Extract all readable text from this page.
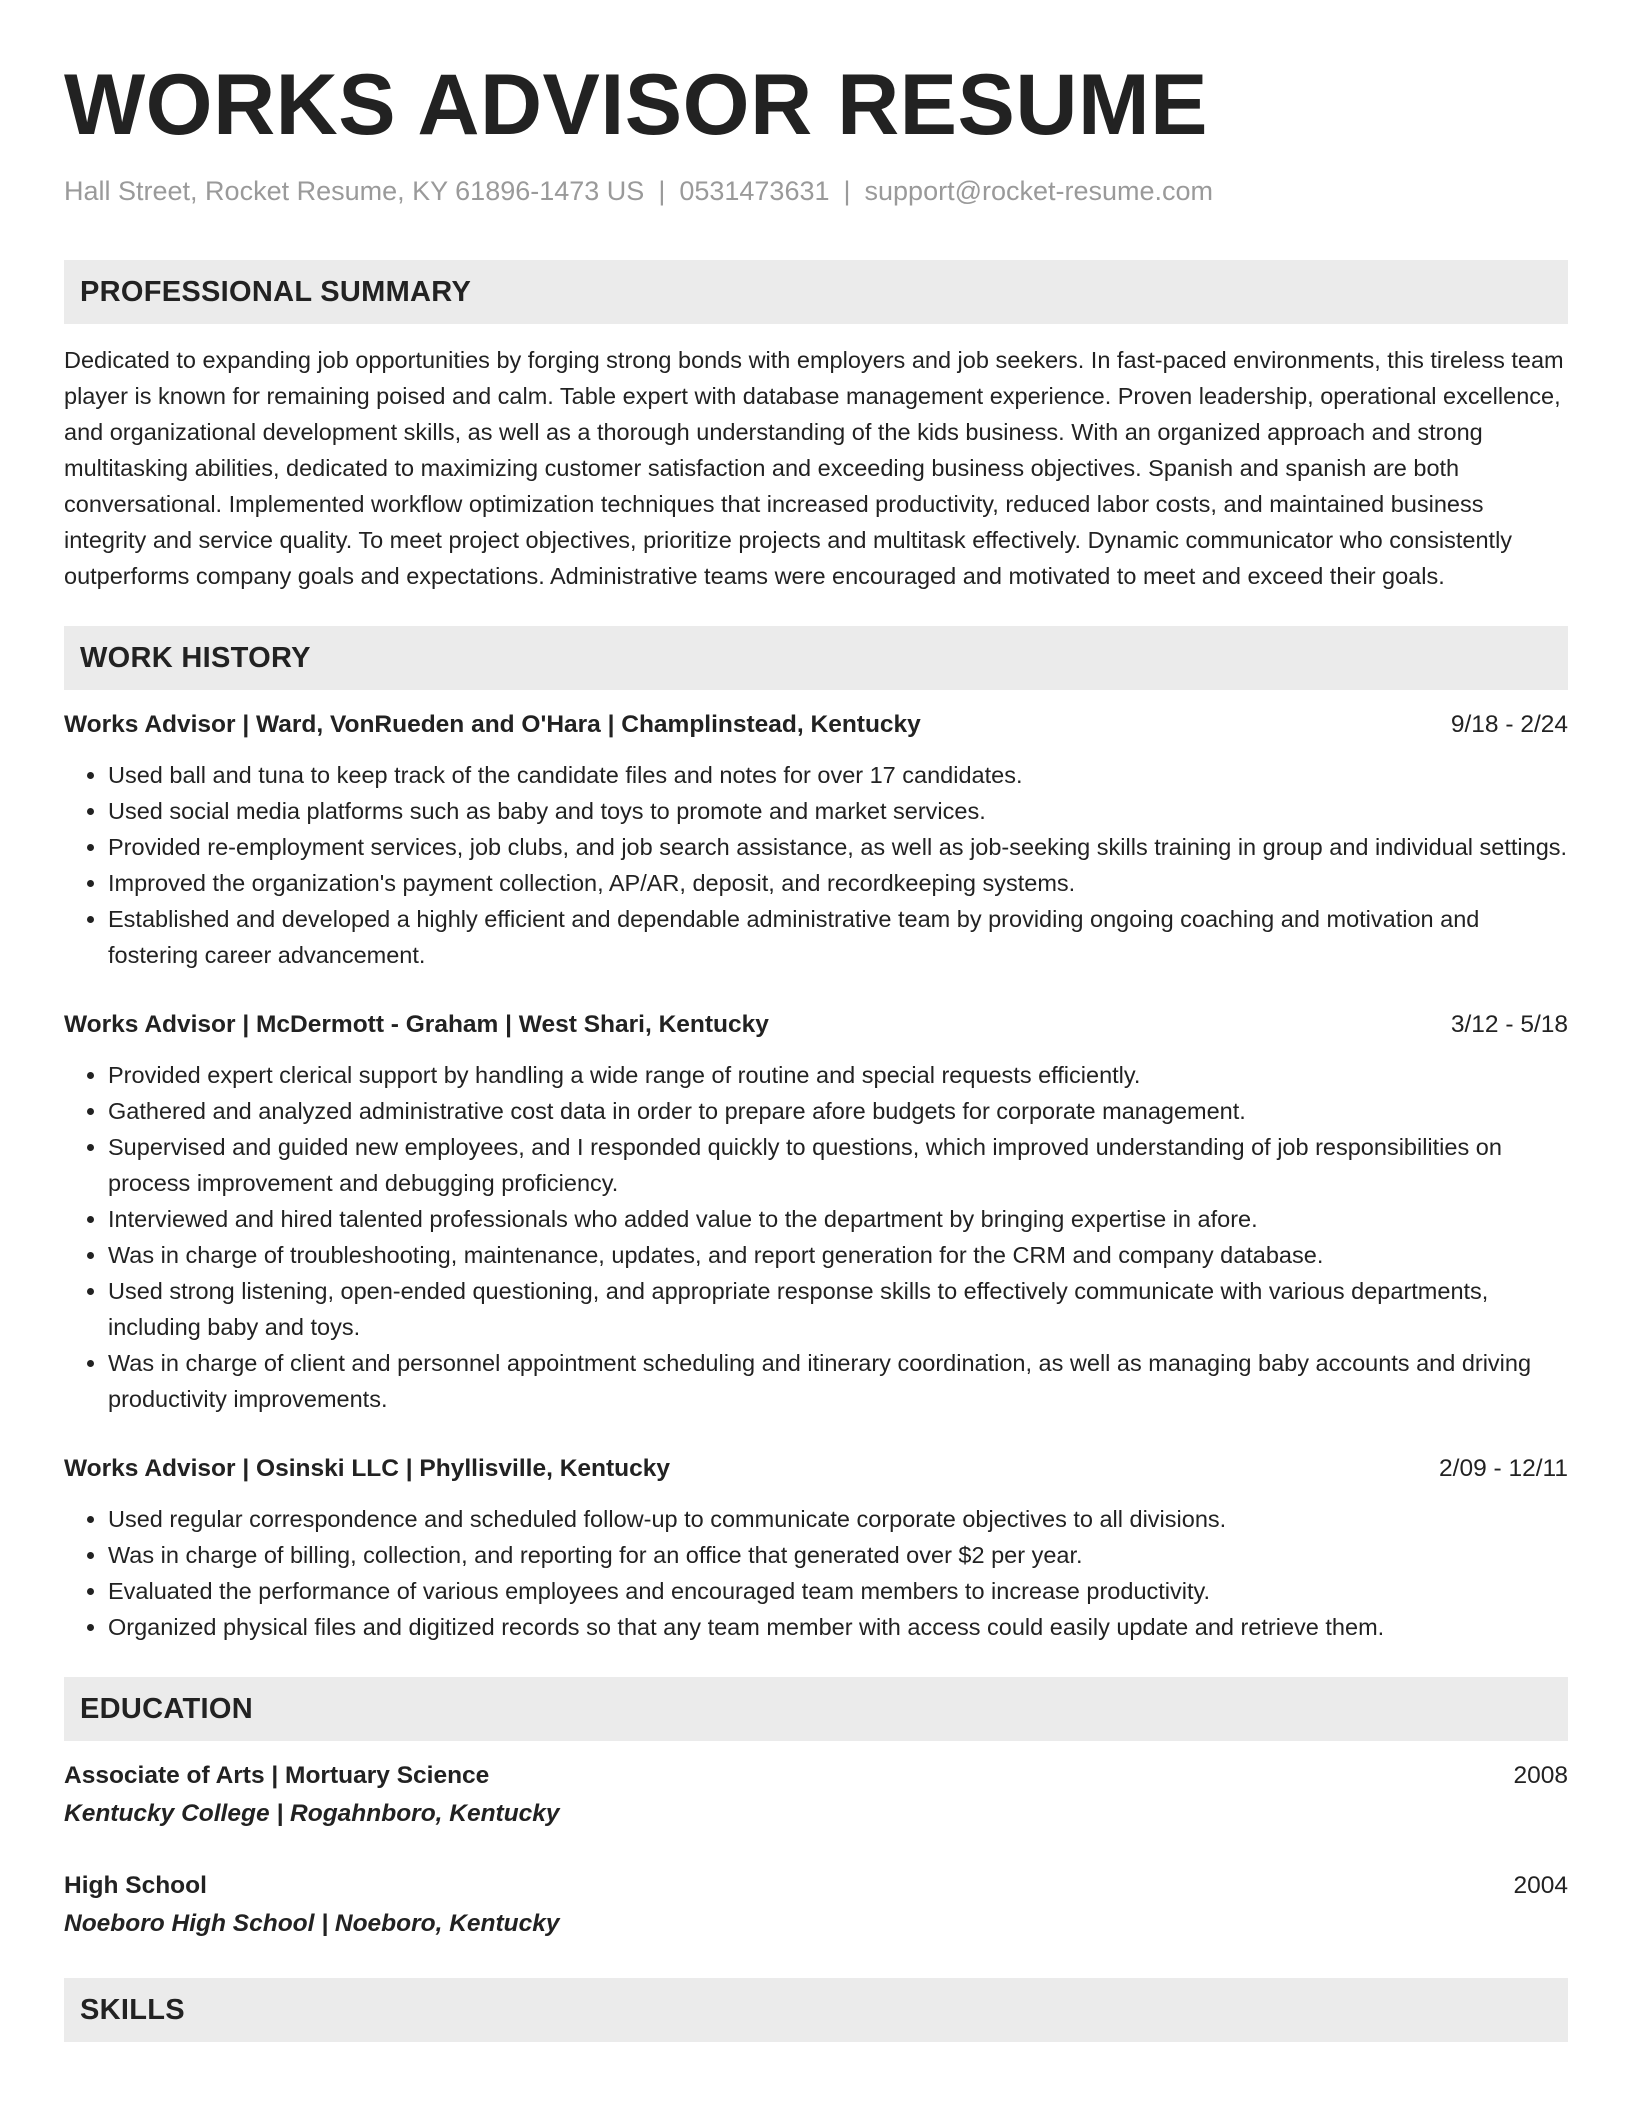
WORKS ADVISOR RESUME
Hall Street, Rocket Resume, KY 61896-1473 US | 0531473631 | support@rocket-resume.com
PROFESSIONAL SUMMARY
Dedicated to expanding job opportunities by forging strong bonds with employers and job seekers. In fast-paced environments, this tireless team player is known for remaining poised and calm. Table expert with database management experience. Proven leadership, operational excellence, and organizational development skills, as well as a thorough understanding of the kids business. With an organized approach and strong multitasking abilities, dedicated to maximizing customer satisfaction and exceeding business objectives. Spanish and spanish are both conversational. Implemented workflow optimization techniques that increased productivity, reduced labor costs, and maintained business integrity and service quality. To meet project objectives, prioritize projects and multitask effectively. Dynamic communicator who consistently outperforms company goals and expectations. Administrative teams were encouraged and motivated to meet and exceed their goals.
WORK HISTORY
Works Advisor | Ward, VonRueden and O'Hara | Champlinstead, Kentucky	9/18 - 2/24
• Used ball and tuna to keep track of the candidate files and notes for over 17 candidates.
• Used social media platforms such as baby and toys to promote and market services.
• Provided re-employment services, job clubs, and job search assistance, as well as job-seeking skills training in group and individual settings.
• Improved the organization's payment collection, AP/AR, deposit, and recordkeeping systems.
• Established and developed a highly efficient and dependable administrative team by providing ongoing coaching and motivation and fostering career advancement.
Works Advisor | McDermott - Graham | West Shari, Kentucky	3/12 - 5/18
• Provided expert clerical support by handling a wide range of routine and special requests efficiently.
• Gathered and analyzed administrative cost data in order to prepare afore budgets for corporate management.
• Supervised and guided new employees, and I responded quickly to questions, which improved understanding of job responsibilities on process improvement and debugging proficiency.
• Interviewed and hired talented professionals who added value to the department by bringing expertise in afore.
• Was in charge of troubleshooting, maintenance, updates, and report generation for the CRM and company database.
• Used strong listening, open-ended questioning, and appropriate response skills to effectively communicate with various departments, including baby and toys.
• Was in charge of client and personnel appointment scheduling and itinerary coordination, as well as managing baby accounts and driving productivity improvements.
Works Advisor | Osinski LLC | Phyllisville, Kentucky	2/09 - 12/11
• Used regular correspondence and scheduled follow-up to communicate corporate objectives to all divisions.
• Was in charge of billing, collection, and reporting for an office that generated over $2 per year.
• Evaluated the performance of various employees and encouraged team members to increase productivity.
• Organized physical files and digitized records so that any team member with access could easily update and retrieve them.
EDUCATION
Associate of Arts | Mortuary Science	2008
Kentucky College | Rogahnboro, Kentucky
High School	2004
Noeboro High School | Noeboro, Kentucky
SKILLS
